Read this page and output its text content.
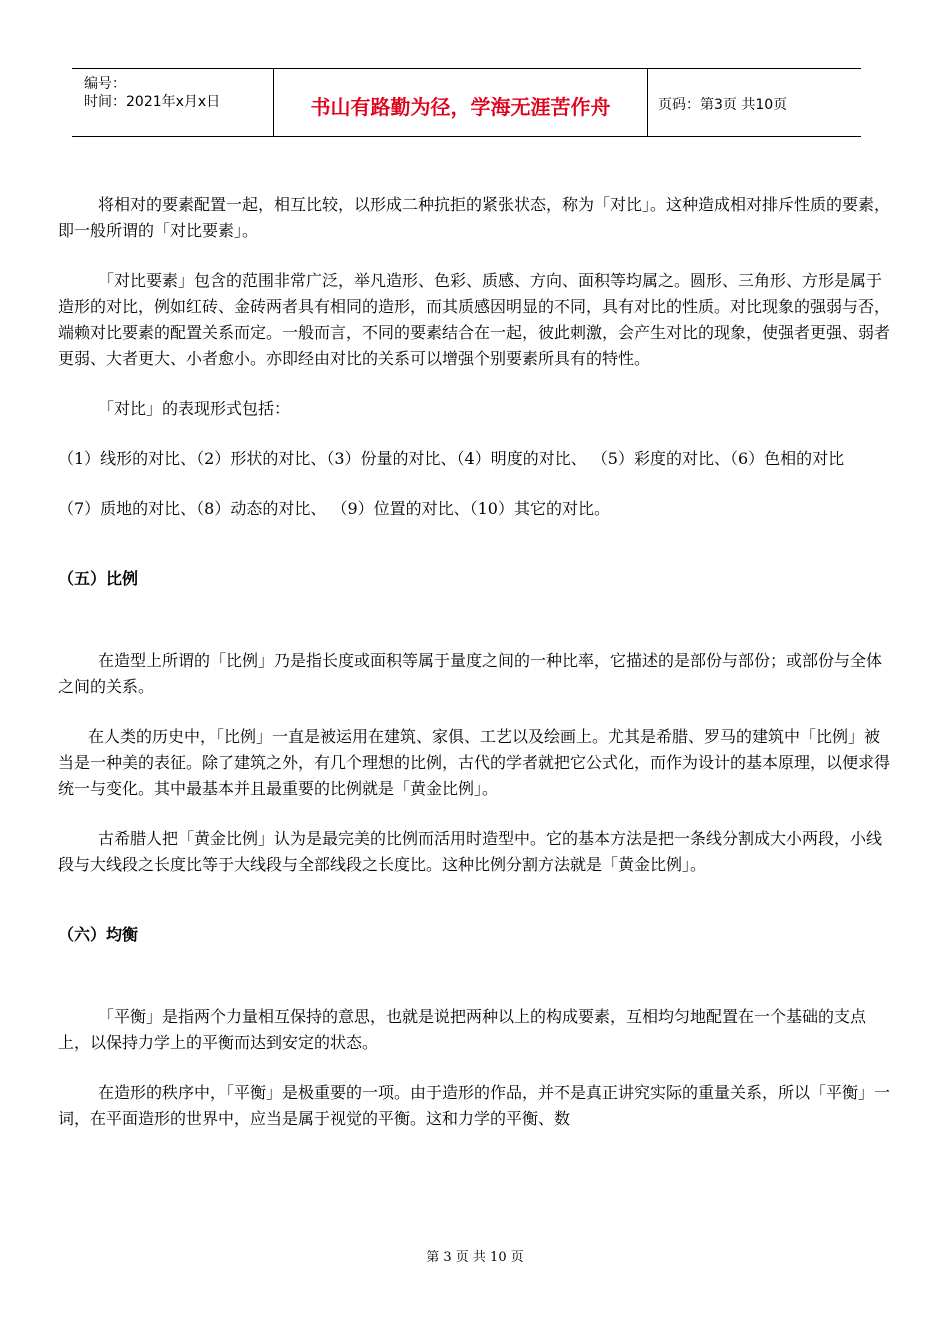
编号：
时间：2021年x月x日	书山有路勤为径，学海无涯苦作舟	页码：第3页 共10页

将相对的要素配置一起，相互比较，以形成二种抗拒的紧张状态，称为「对比」。这种造成相对排斥性质的要素，即一般所谓的「对比要素」。

「对比要素」包含的范围非常广泛，举凡造形、色彩、质感、方向、面积等均属之。圆形、三角形、方形是属于造形的对比，例如红砖、金砖两者具有相同的造形，而其质感因明显的不同，具有对比的性质。对比现象的强弱与否，端赖对比要素的配置关系而定。一般而言，不同的要素结合在一起，彼此刺激，会产生对比的现象，使强者更强、弱者更弱、大者更大、小者愈小。亦即经由对比的关系可以增强个别要素所具有的特性。

「对比」的表现形式包括：

（1）线形的对比、（2）形状的对比、（3）份量的对比、（4）明度的对比、 （5）彩度的对比、（6）色相的对比

（7）质地的对比、（8）动态的对比、 （9）位置的对比、（10）其它的对比。

（五）比例

在造型上所谓的「比例」乃是指长度或面积等属于量度之间的一种比率，它描述的是部份与部份；或部份与全体之间的关系。

在人类的历史中，「比例」一直是被运用在建筑、家俱、工艺以及绘画上。尤其是希腊、罗马的建筑中「比例」被当是一种美的表征。除了建筑之外，有几个理想的比例，古代的学者就把它公式化，而作为设计的基本原理，以便求得统一与变化。其中最基本并且最重要的比例就是「黄金比例」。

古希腊人把「黄金比例」认为是最完美的比例而活用时造型中。它的基本方法是把一条线分割成大小两段，小线段与大线段之长度比等于大线段与全部线段之长度比。这种比例分割方法就是「黄金比例」。

（六）均衡

「平衡」是指两个力量相互保持的意思，也就是说把两种以上的构成要素，互相均匀地配置在一个基础的支点上，以保持力学上的平衡而达到安定的状态。

在造形的秩序中，「平衡」是极重要的一项。由于造形的作品，并不是真正讲究实际的重量关系，所以「平衡」一词，在平面造形的世界中，应当是属于视觉的平衡。这和力学的平衡、数

第 3 页 共 10 页
